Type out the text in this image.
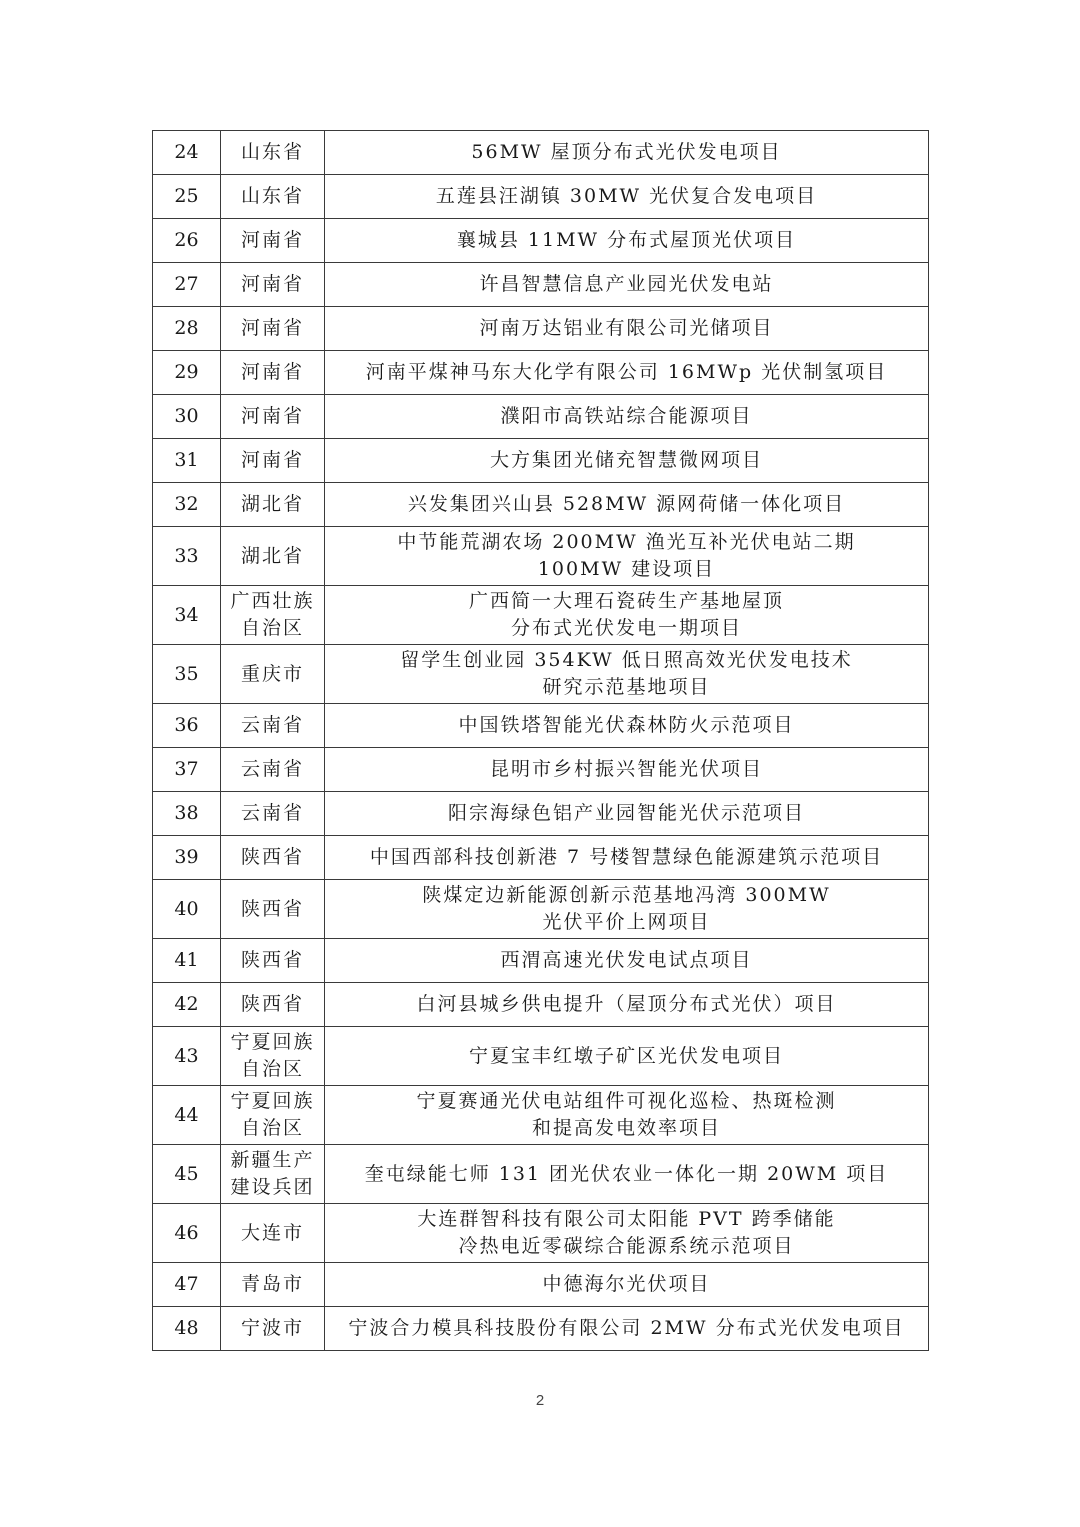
24	山东省	56MW 屋顶分布式光伏发电项目

25	山东省	五莲县汪湖镇 30MW 光伏复合发电项目

26	河南省	襄城县 11MW 分布式屋顶光伏项目

27	河南省	许昌智慧信息产业园光伏发电站

28	河南省	河南万达铝业有限公司光储项目

29	河南省	河南平煤神马东大化学有限公司 16MWp 光伏制氢项目

30	河南省	濮阳市高铁站综合能源项目

31	河南省	大方集团光储充智慧微网项目

32	湖北省	兴发集团兴山县 528MW 源网荷储一体化项目

33	湖北省	中节能荒湖农场 200MW 渔光互补光伏电站二期
100MW 建设项目

34	广西壮族
自治区	广西简一大理石瓷砖生产基地屋顶
分布式光伏发电一期项目

35	重庆市	留学生创业园 354KW 低日照高效光伏发电技术
研究示范基地项目

36	云南省	中国铁塔智能光伏森林防火示范项目

37	云南省	昆明市乡村振兴智能光伏项目

38	云南省	阳宗海绿色铝产业园智能光伏示范项目

39	陕西省	中国西部科技创新港 7 号楼智慧绿色能源建筑示范项目

40	陕西省	陕煤定边新能源创新示范基地冯湾 300MW
光伏平价上网项目

41	陕西省	西渭高速光伏发电试点项目

42	陕西省	白河县城乡供电提升（屋顶分布式光伏）项目

43	宁夏回族
自治区	宁夏宝丰红墩子矿区光伏发电项目

44	宁夏回族
自治区	宁夏赛通光伏电站组件可视化巡检、热斑检测
和提高发电效率项目

45	新疆生产
建设兵团	奎屯绿能七师 131 团光伏农业一体化一期 20WM 项目

46	大连市	大连群智科技有限公司太阳能 PVT 跨季储能
冷热电近零碳综合能源系统示范项目

47	青岛市	中德海尔光伏项目

48	宁波市	宁波合力模具科技股份有限公司 2MW 分布式光伏发电项目
2
